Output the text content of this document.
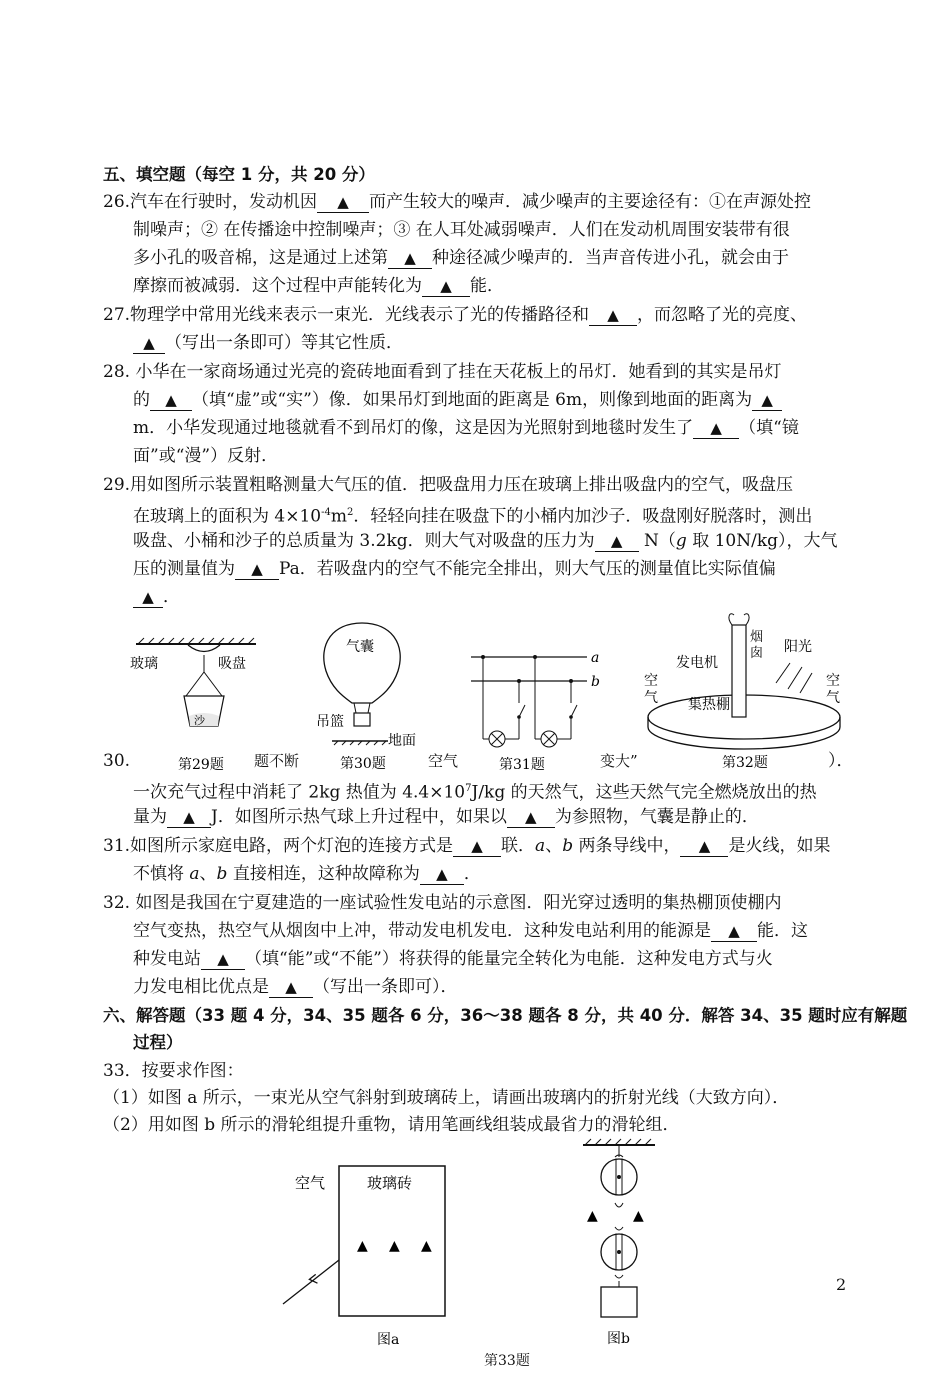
五、填空题（每空 1 分，共 20 分）
26.汽车在行驶时，发动机因 ▲ 而产生较大的噪声．减少噪声的主要途径有：①在声源处控
制噪声；② 在传播途中控制噪声；③ 在人耳处减弱噪声．人们在发动机周围安装带有很
多小孔的吸音棉，这是通过上述第 ▲ 种途径减少噪声的．当声音传进小孔，就会由于
摩擦而被减弱．这个过程中声能转化为 ▲ 能．
27.物理学中常用光线来表示一束光．光线表示了光的传播路径和 ▲ ，而忽略了光的亮度、
▲ （写出一条即可）等其它性质．
28. 小华在一家商场通过光亮的瓷砖地面看到了挂在天花板上的吊灯．她看到的其实是吊灯
的 ▲ （填“虚”或“实”）像．如果吊灯到地面的距离是 6m，则像到地面的距离为 ▲
m．小华发现通过地毯就看不到吊灯的像，这是因为光照射到地毯时发生了 ▲ （填“镜
面”或“漫”）反射．
29.用如图所示装置粗略测量大气压的值．把吸盘用力压在玻璃上排出吸盘内的空气，吸盘压
在玻璃上的面积为 $4\times 10^{-4}m^2$．轻轻向挂在吸盘下的小桶内加沙子．吸盘刚好脱落时，测出
吸盘、小桶和沙子的总质量为 3.2kg．则大气对吸盘的压力为 ▲ N（g 取 10N/kg），大气
压的测量值为 ▲ Pa．若吸盘内的空气不能完全排出，则大气压的测量值比实际值偏
▲ ．
沙
玻璃	吸盘
第29题
气囊
吊篮
地面
第30题
a
b
第31题
烟
囱
发电机
阳光
空
气
空
气
集热棚
第32题
30.	题不断	空气	变大”	）．
一次充气过程中消耗了 2kg 热值为 $4.4\times 10^7J/kg$ 的天然气，这些天然气完全燃烧放出的热
量为 ▲ J．如图所示热气球上升过程中，如果以 ▲ 为参照物，气囊是静止的．
31.如图所示家庭电路，两个灯泡的连接方式是 ▲ 联．a、b 两条导线中， ▲ 是火线，如果
不慎将 a、b 直接相连，这种故障称为 ▲ ．
32. 如图是我国在宁夏建造的一座试验性发电站的示意图．阳光穿过透明的集热棚顶使棚内
空气变热，热空气从烟囱中上冲，带动发电机发电．这种发电站利用的能源是 ▲ 能．这
种发电站 ▲ （填“能”或“不能”）将获得的能量完全转化为电能．这种发电方式与火
力发电相比优点是 ▲ （写出一条即可）．
六、解答题（33 题 4 分，34、35 题各 6 分，36～38 题各 8 分，共 40 分．解答 34、35 题时应有解题
过程）
33．按要求作图：
（1）如图 a 所示，一束光从空气斜射到玻璃砖上，请画出玻璃内的折射光线（大致方向）．
（2）用如图 b 所示的滑轮组提升重物，请用笔画线组装成最省力的滑轮组．
空气	玻璃砖
▲ ▲ ▲
图a
▲	▲
图b
第33题
2
